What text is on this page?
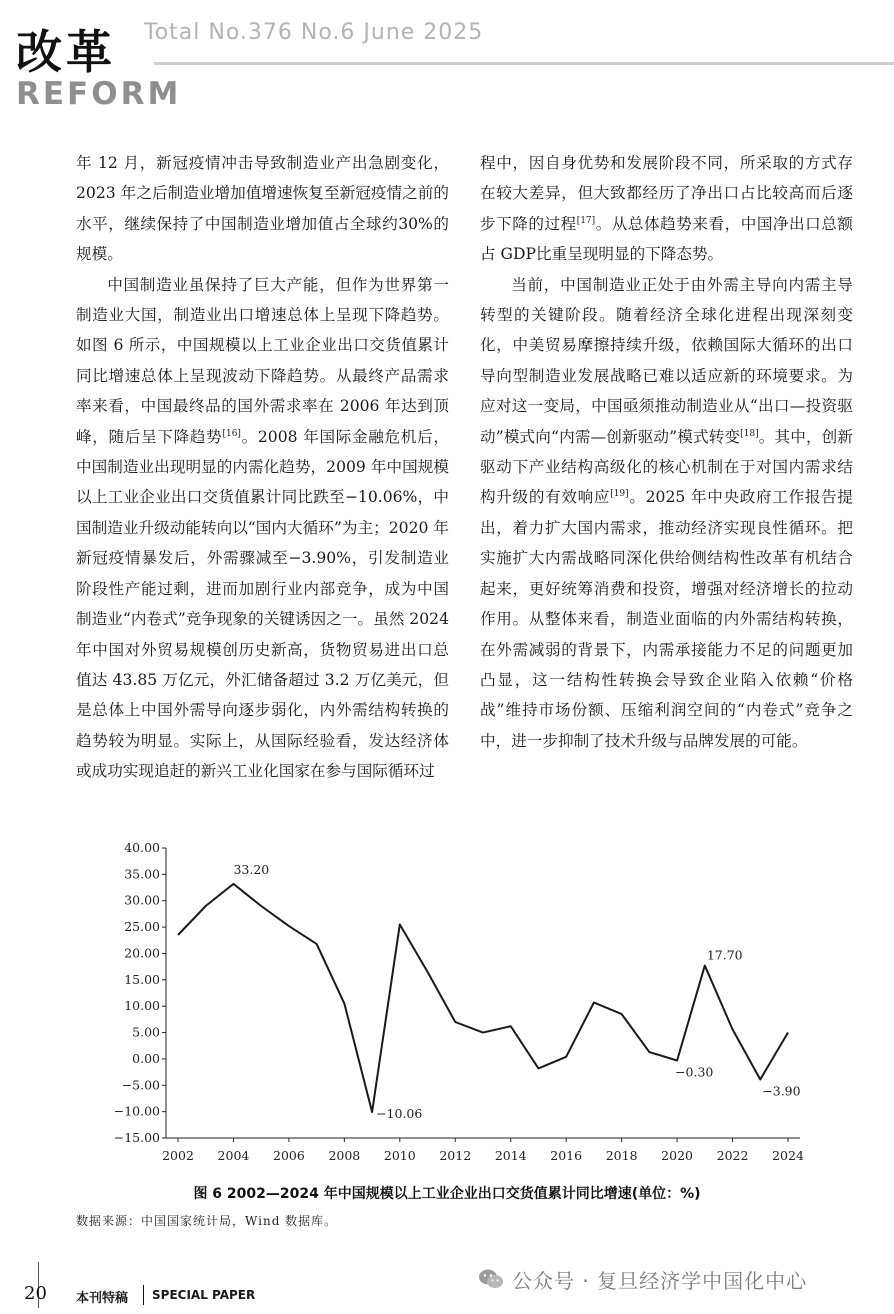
改革
REFORM
Total No.376 No.6 June 2025

年 12 月，新冠疫情冲击导致制造业产出急剧变化，2023 年之后制造业增加值增速恢复至新冠疫情之前的水平，继续保持了中国制造业增加值占全球约30%的规模。

中国制造业虽保持了巨大产能，但作为世界第一制造业大国，制造业出口增速总体上呈现下降趋势。如图 6 所示，中国规模以上工业企业出口交货值累计同比增速总体上呈现波动下降趋势。从最终产品需求率来看，中国最终品的国外需求率在 2006 年达到顶峰，随后呈下降趋势[16]。2008 年国际金融危机后，中国制造业出现明显的内需化趋势，2009 年中国规模以上工业企业出口交货值累计同比跌至−10.06%，中国制造业升级动能转向以“国内大循环”为主；2020 年新冠疫情暴发后，外需骤减至−3.90%，引发制造业阶段性产能过剩，进而加剧行业内部竞争，成为中国制造业“内卷式”竞争现象的关键诱因之一。虽然 2024 年中国对外贸易规模创历史新高，货物贸易进出口总值达 43.85 万亿元，外汇储备超过 3.2 万亿美元，但是总体上中国外需导向逐步弱化，内外需结构转换的趋势较为明显。实际上，从国际经验看，发达经济体或成功实现追赶的新兴工业化国家在参与国际循环过

程中，因自身优势和发展阶段不同，所采取的方式存在较大差异，但大致都经历了净出口占比较高而后逐步下降的过程[17]。从总体趋势来看，中国净出口总额占 GDP比重呈现明显的下降态势。

当前，中国制造业正处于由外需主导向内需主导转型的关键阶段。随着经济全球化进程出现深刻变化，中美贸易摩擦持续升级，依赖国际大循环的出口导向型制造业发展战略已难以适应新的环境要求。为应对这一变局，中国亟须推动制造业从“出口—投资驱动”模式向“内需—创新驱动”模式转变[18]。其中，创新驱动下产业结构高级化的核心机制在于对国内需求结构升级的有效响应[19]。2025 年中央政府工作报告提出，着力扩大国内需求，推动经济实现良性循环。把实施扩大内需战略同深化供给侧结构性改革有机结合起来，更好统筹消费和投资，增强对经济增长的拉动作用。从整体来看，制造业面临的内外需结构转换，在外需减弱的背景下，内需承接能力不足的问题更加凸显，这一结构性转换会导致企业陷入依赖“价格战”维持市场份额、压缩利润空间的“内卷式”竞争之中，进一步抑制了技术升级与品牌发展的可能。

40.00
35.00
30.00
25.00
20.00
15.00
10.00
5.00
0.00
−5.00
−10.00
−15.00
2002 2004 2006 2008 2010 2012 2014 2016 2018 2020 2022 2024
33.20
−10.06
−0.30
17.70
−3.90
图 6 2002—2024 年中国规模以上工业企业出口交货值累计同比增速(单位：%)
数据来源：中国国家统计局，Wind 数据库。
20 本刊特稿 SPECIAL PAPER
公众号 · 复旦经济学中国化中心
